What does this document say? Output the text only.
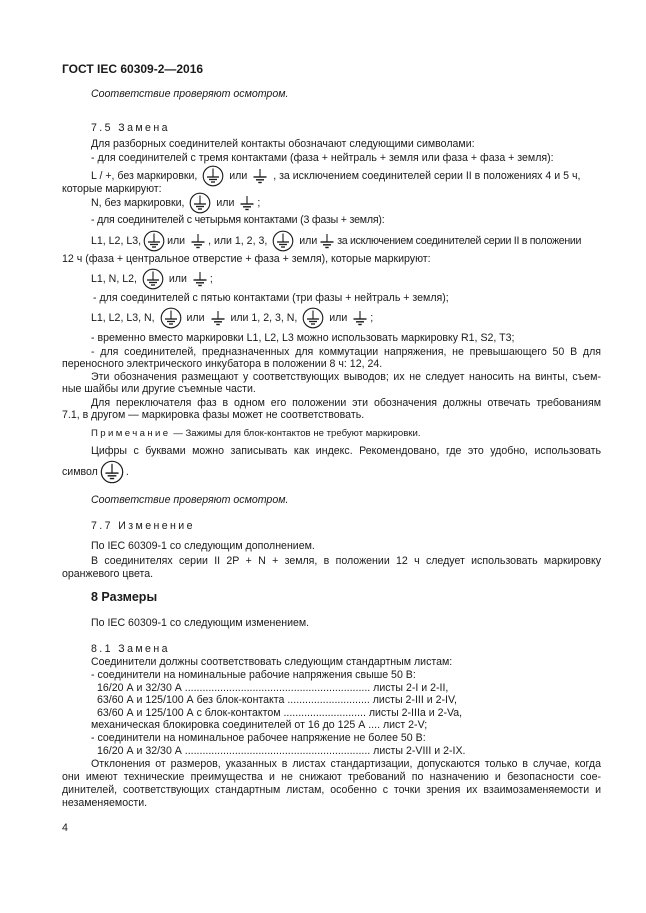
ГОСТ IEC 60309-2—2016
Соответствие проверяют осмотром.
7.5 Замена
Для разборных соединителей контакты обозначают следующими символами:
- для соединителей с тремя контактами (фаза + нейтраль + земля или фаза + фаза + земля):
L / +, без маркировки,	или , за исключением соединителей серии II в положениях 4 и 5 ч,
которые маркируют:
N, без маркировки,	или ;
- для соединителей с четырьмя контактами (3 фазы + земля):
L1, L2, L3, или , или 1, 2, 3,	или за исключением соединителей серии II в положении
12 ч (фаза + центральное отверстие + фаза + земля), которые маркируют:
L1, N, L2,	или ;
- для соединителей с пятью контактами (три фазы + нейтраль + земля);
L1, L2, L3, N,	или или 1, 2, 3, N,	или ;
- временно вместо маркировки L1, L2, L3 можно использовать маркировку R1, S2, T3;
- для соединителей, предназначенных для коммутации напряжения, не превышающего 50 В для
переносного электрического инкубатора в положении 8 ч: 12, 24.
Эти обозначения размещают у соответствующих выводов; их не следует наносить на винты, съем-
ные шайбы или другие съемные части.
Для переключателя фаз в одном его положении эти обозначения должны отвечать требованиям
7.1, в другом — маркировка фазы может не соответствовать.
Примечание — Зажимы для блок-контактов не требуют маркировки.
Цифры с буквами можно записывать как индекс. Рекомендовано, где это удобно, использовать
символ	.
Соответствие проверяют осмотром.
7.7 Изменение
По IEC 60309-1 со следующим дополнением.
В соединителях серии II 2Р + N + земля, в положении 12 ч следует использовать маркировку
оранжевого цвета.
8 Размеры
По IEC 60309-1 со следующим изменением.
8.1 Замена
Соединители должны соответствовать следующим стандартным листам:
- соединители на номинальные рабочие напряжения свыше 50 В:
16/20 А и 32/30 А ............................................................... листы 2-I и 2-II,
63/60 А и 125/100 А без блок-контакта ............................ листы 2-III и 2-IV,
63/60 А и 125/100 А с блок-контактом ............................ листы 2-IIIa и 2-Va,
механическая блокировка соединителей от 16 до 125 А .... лист 2-V;
- соединители на номинальное рабочее напряжение не более 50 В:
16/20 А и 32/30 А ............................................................... листы 2-VIII и 2-IX.
Отклонения от размеров, указанных в листах стандартизации, допускаются только в случае, когда
они имеют технические преимущества и не снижают требований по назначению и безопасности сое-
динителей, соответствующих стандартным листам, особенно с точки зрения их взаимозаменяемости и
незаменяемости.
4
